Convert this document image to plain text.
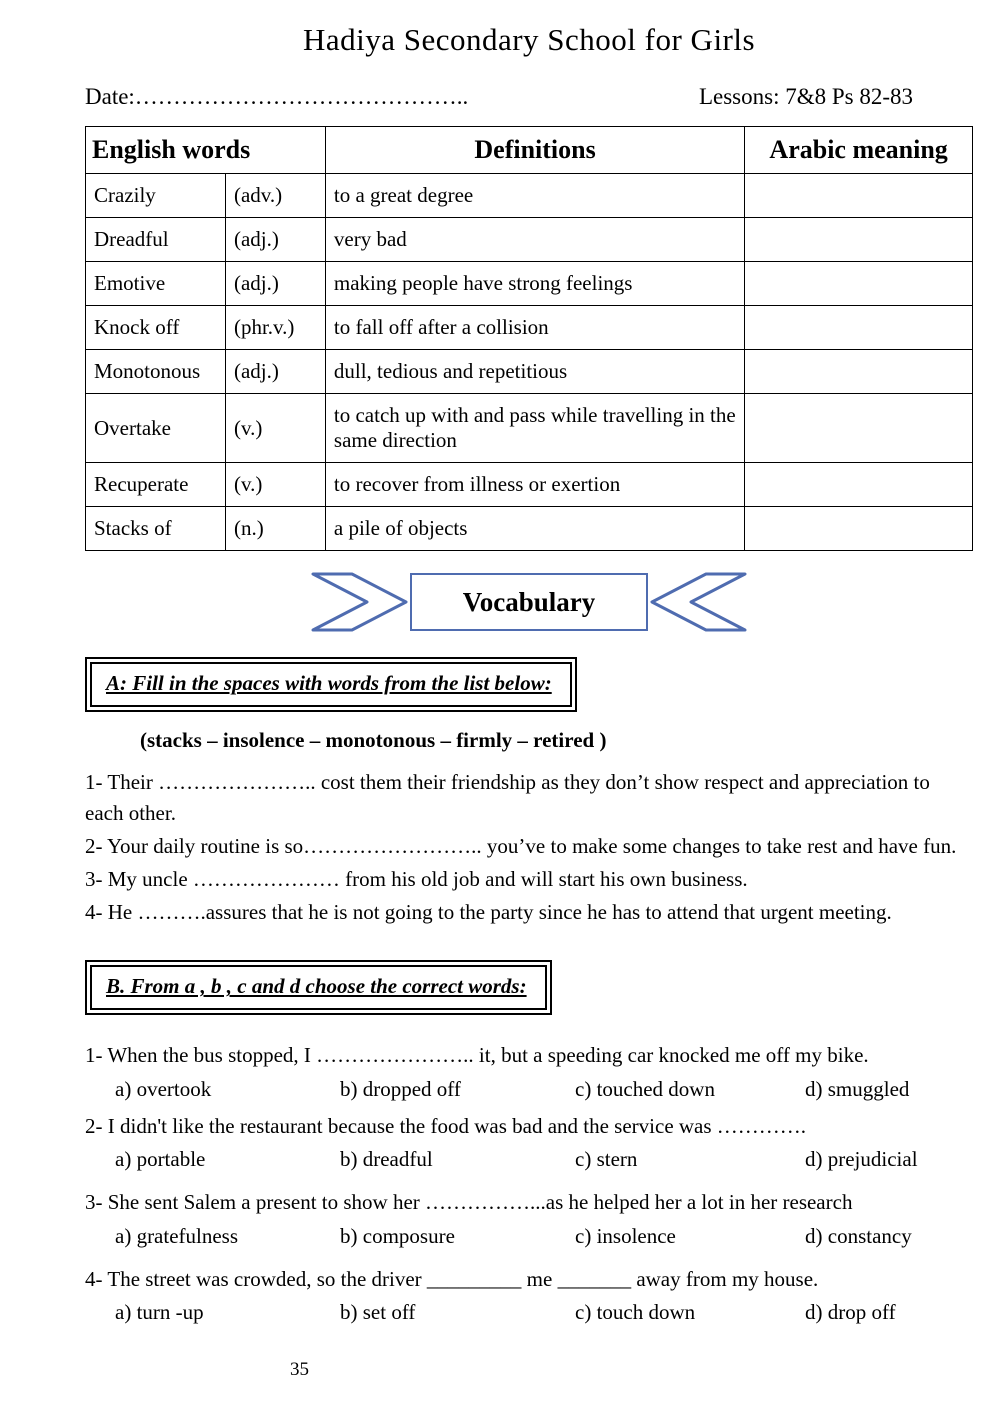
Hadiya Secondary School for Girls
Date:……………………………………..	Lessons: 7&8 Ps 82-83
English words		Definitions	Arabic meaning
Crazily	(adv.)	to a great degree	
Dreadful	(adj.)	very bad	
Emotive	(adj.)	making people have strong feelings	
Knock off	(phr.v.)	to fall off after a collision	
Monotonous	(adj.)	dull, tedious and repetitious	
Overtake	(v.)	to catch up with and pass while travelling in the same direction	
Recuperate	(v.)	to recover from illness or exertion	
Stacks of	(n.)	a pile of objects	
Vocabulary
A: Fill in the spaces with words from the list below:
(stacks – insolence – monotonous – firmly – retired )

1- Their ………………….. cost them their friendship as they don’t show respect and appreciation to each other.

2- Your daily routine is so…………………….. you’ve to make some changes to take rest and have fun.

3- My uncle ………………… from his old job and will start his own business.

4- He ……….assures that he is not going to the party since he has to attend that urgent meeting.

B. From a , b , c and d choose the correct words:
1- When the bus stopped, I ………………….. it, but a speeding car knocked me off my bike.
a) overtook	b) dropped off	c) touched down	d) smuggled
2- I didn't like the restaurant because the food was bad and the service was ………….
a) portable	b) dreadful	c) stern	d) prejudicial
3- She sent Salem a present to show her ……………...as he helped her a lot in her research
a) gratefulness	b) composure	c) insolence	d) constancy
4- The street was crowded, so the driver _________ me _______ away from my house.
a) turn -up	b) set off	c) touch down	d) drop off
35
